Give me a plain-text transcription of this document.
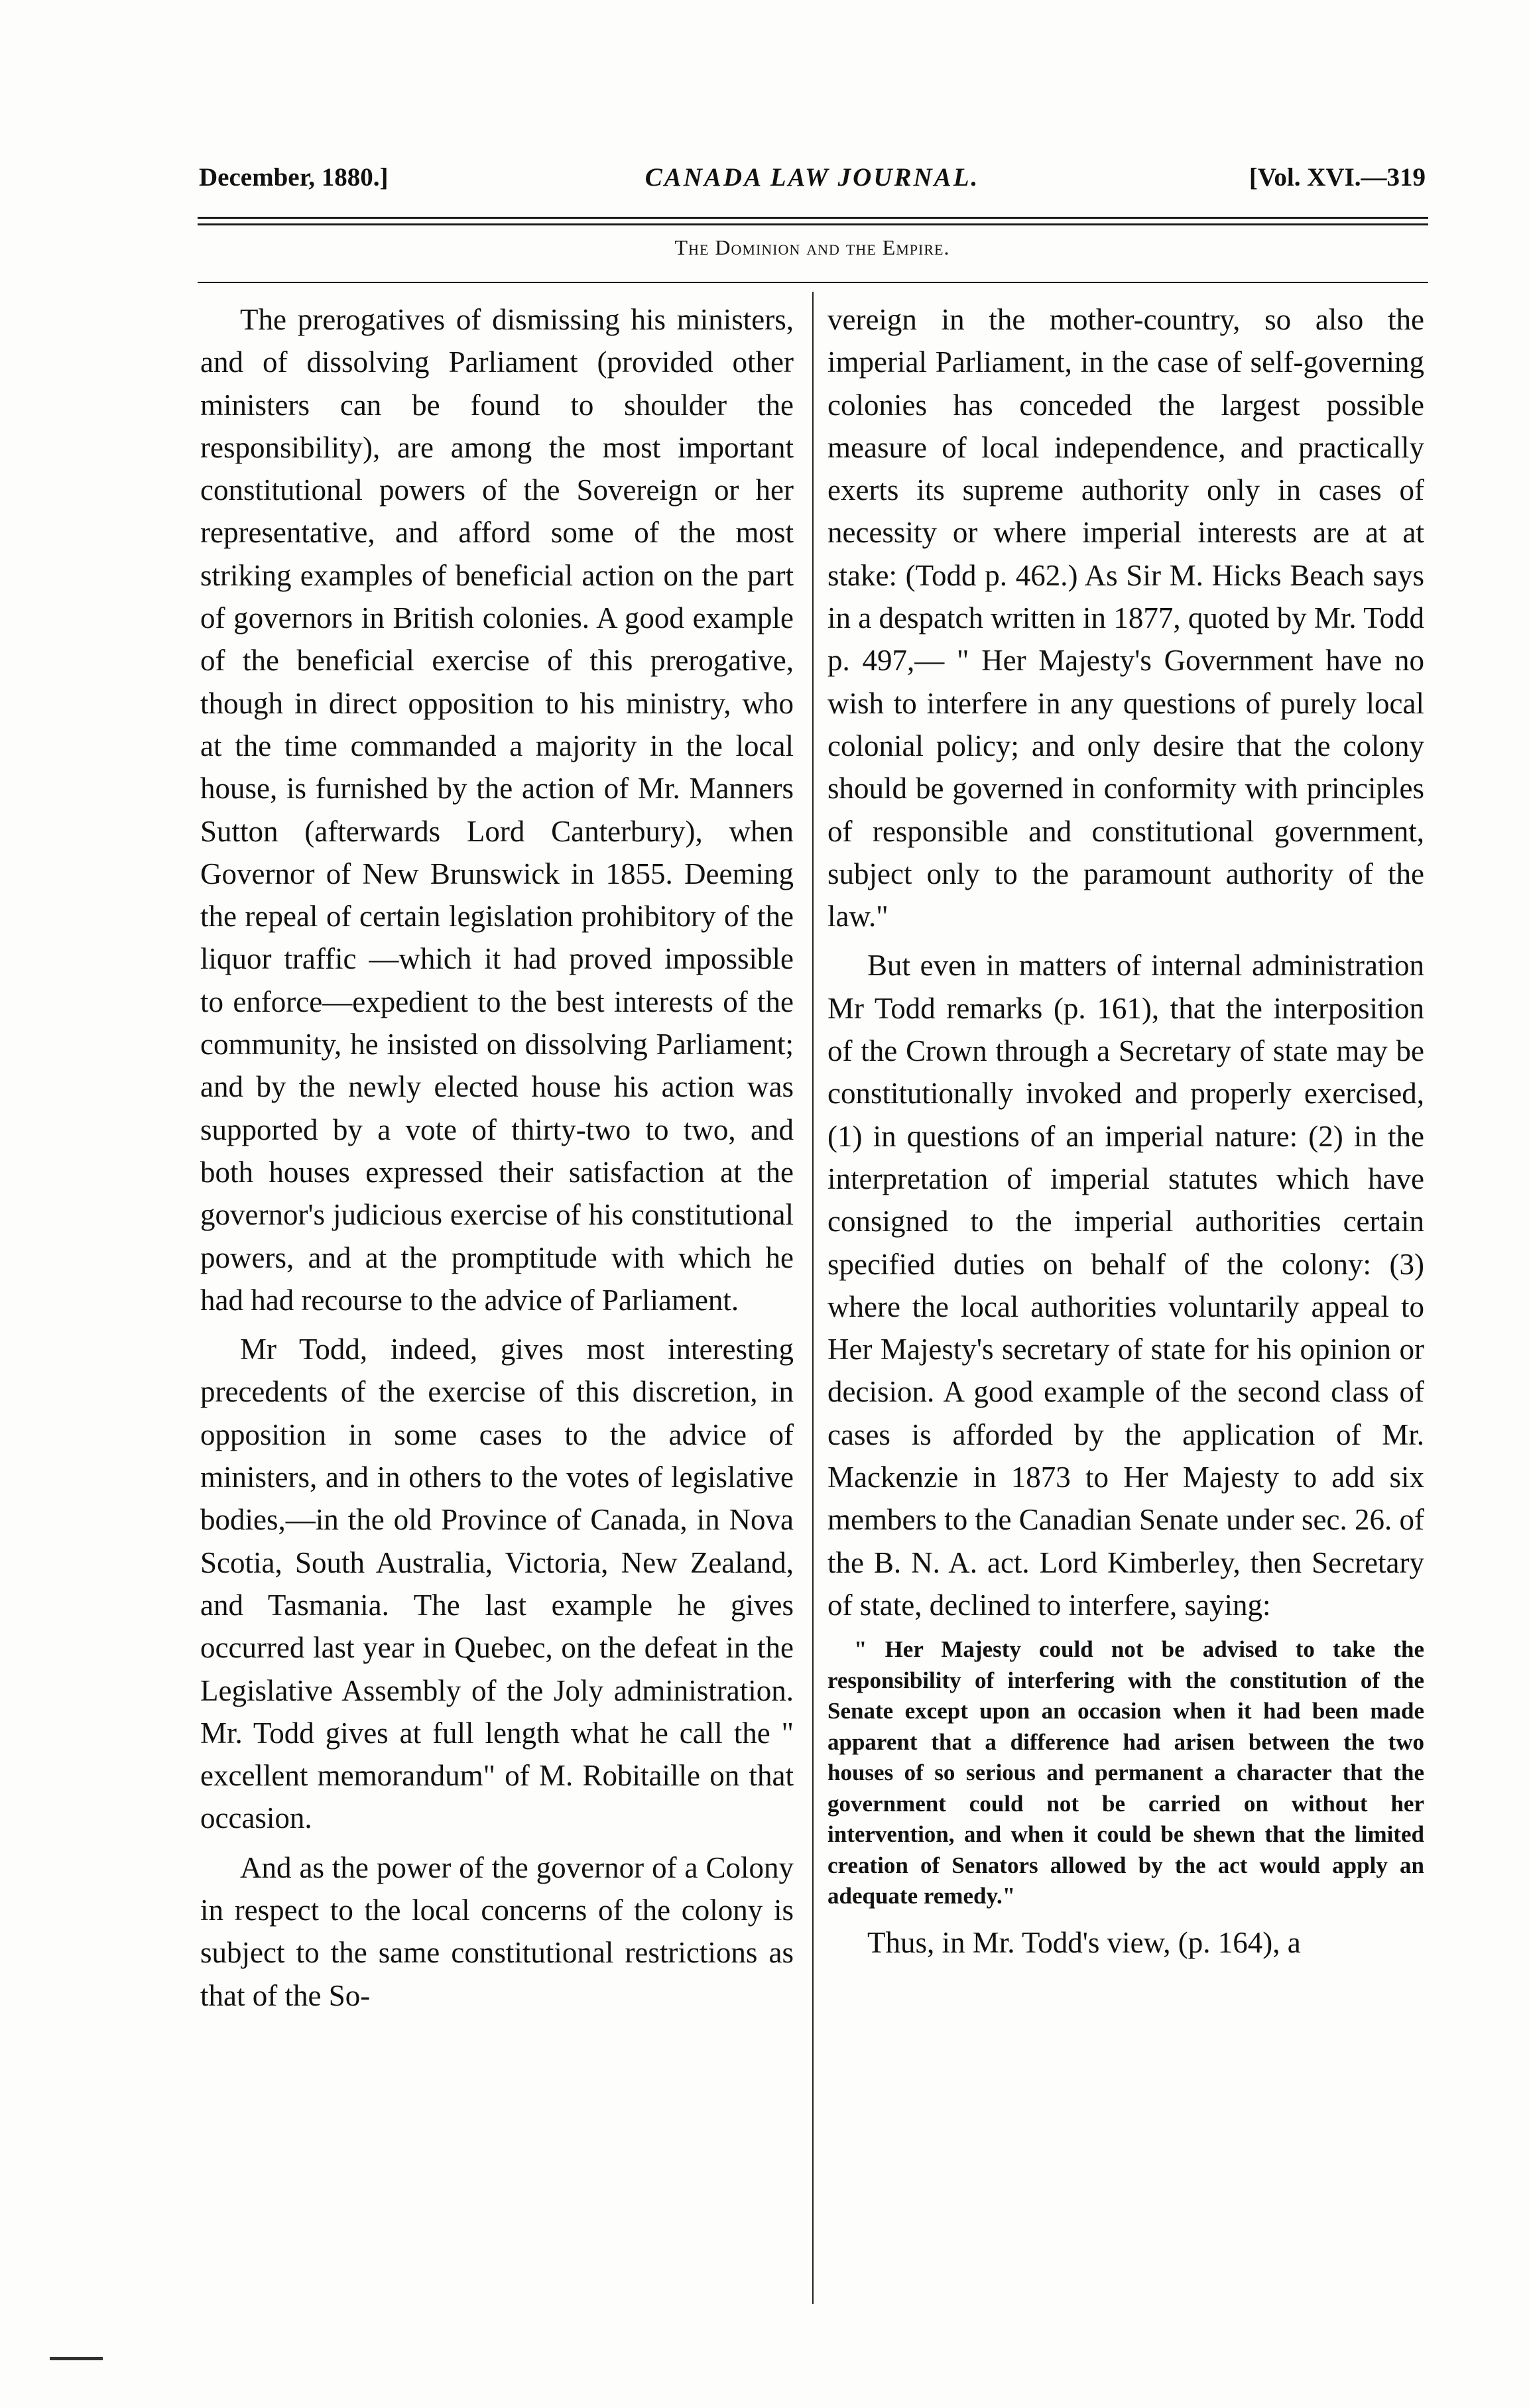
December, 1880.]	CANADA LAW JOURNAL.	[Vol. XVI.—319
The Dominion and the Empire.

The prerogatives of dismissing his ministers, and of dissolving Parliament (provided other ministers can be found to shoulder the responsibility), are among the most important constitutional powers of the Sovereign or her representative, and afford some of the most striking examples of beneficial action on the part of governors in British colonies. A good example of the beneficial exercise of this prerogative, though in direct opposition to his ministry, who at the time commanded a majority in the local house, is furnished by the action of Mr. Manners Sutton (afterwards Lord Canterbury), when Governor of New Brunswick in 1855. Deeming the repeal of certain legislation prohibitory of the liquor traffic —which it had proved impossible to enforce—expedient to the best interests of the community, he insisted on dissolving Parliament; and by the newly elected house his action was supported by a vote of thirty-two to two, and both houses expressed their satisfaction at the governor's judicious exercise of his constitutional powers, and at the promptitude with which he had had recourse to the advice of Parliament.

Mr Todd, indeed, gives most interesting precedents of the exercise of this discretion, in opposition in some cases to the advice of ministers, and in others to the votes of legislative bodies,—in the old Province of Canada, in Nova Scotia, South Australia, Victoria, New Zealand, and Tasmania. The last example he gives occurred last year in Quebec, on the defeat in the Legislative Assembly of the Joly administration. Mr. Todd gives at full length what he call the " excellent memorandum" of M. Robitaille on that occasion.

And as the power of the governor of a Colony in respect to the local concerns of the colony is subject to the same constitutional restrictions as that of the So-

vereign in the mother-country, so also the imperial Parliament, in the case of self-governing colonies has conceded the largest possible measure of local independence, and practically exerts its supreme authority only in cases of necessity or where imperial interests are at at stake: (Todd p. 462.) As Sir M. Hicks Beach says in a despatch written in 1877, quoted by Mr. Todd p. 497,— " Her Majesty's Government have no wish to interfere in any questions of purely local colonial policy; and only desire that the colony should be governed in conformity with principles of responsible and constitutional government, subject only to the paramount authority of the law."

But even in matters of internal administration Mr Todd remarks (p. 161), that the interposition of the Crown through a Secretary of state may be constitutionally invoked and properly exercised, (1) in questions of an imperial nature: (2) in the interpretation of imperial statutes which have consigned to the imperial authorities certain specified duties on behalf of the colony: (3) where the local authorities voluntarily appeal to Her Majesty's secretary of state for his opinion or decision. A good example of the second class of cases is afforded by the application of Mr. Mackenzie in 1873 to Her Majesty to add six members to the Canadian Senate under sec. 26. of the B. N. A. act. Lord Kimberley, then Secretary of state, declined to interfere, saying:

" Her Majesty could not be advised to take the responsibility of interfering with the constitution of the Senate except upon an occasion when it had been made apparent that a difference had arisen between the two houses of so serious and permanent a character that the government could not be carried on without her intervention, and when it could be shewn that the limited creation of Senators allowed by the act would apply an adequate remedy."

Thus, in Mr. Todd's view, (p. 164), a
